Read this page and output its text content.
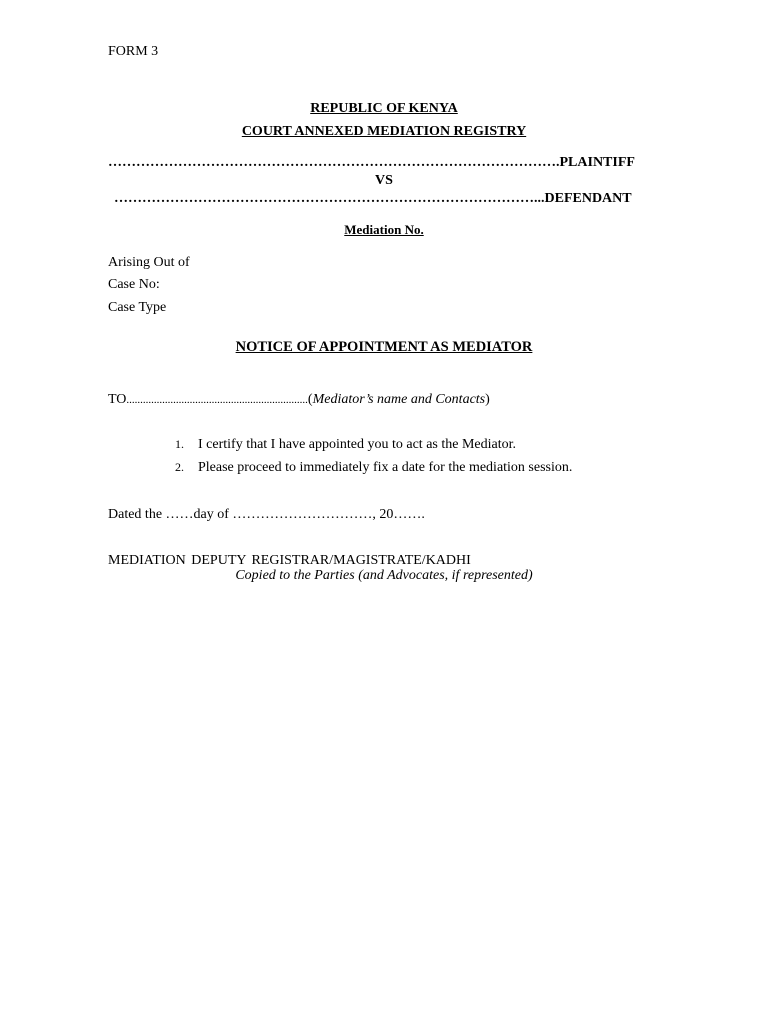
FORM 3
REPUBLIC OF KENYA
COURT ANNEXED MEDIATION REGISTRY
…………………………………………………………………………………….PLAINTIFF
VS
………………………………………………………………………………...DEFENDANT
Mediation No.
Arising Out of
Case No:
Case Type
NOTICE OF APPOINTMENT AS MEDIATOR
TO..................................................................(Mediator’s name and Contacts)
1. I certify that I have appointed you to act as the Mediator.
2. Please proceed to immediately fix a date for the mediation session.
Dated the ……day of …………………………, 20…….
MEDIATION DEPUTY REGISTRAR/MAGISTRATE/KADHI
Copied to the Parties (and Advocates, if represented)
